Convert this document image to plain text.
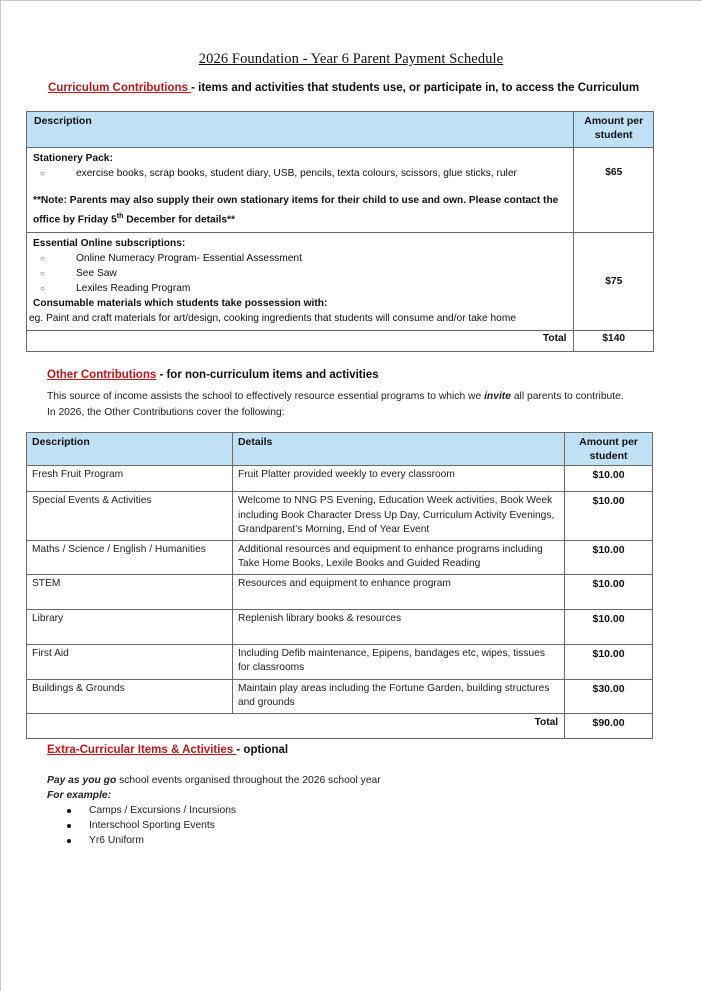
2026 Foundation - Year 6 Parent Payment Schedule
Curriculum Contributions - items and activities that students use, or participate in, to access the Curriculum
Description	Amount per student

Stationery Pack:
○ exercise books, scrap books, student diary, USB, pencils, texta colours, scissors, glue sticks, ruler
**Note: Parents may also supply their own stationary items for their child to use and own. Please contact the office by Friday 5th December for details**	$65

Essential Online subscriptions:
○	Online Numeracy Program- Essential Assessment
○	See Saw
○	Lexiles Reading Program
Consumable materials which students take possession with:
eg. Paint and craft materials for art/design, cooking ingredients that students will consume and/or take home
	$75
Total	$140
Other Contributions - for non-curriculum items and activities
This source of income assists the school to effectively resource essential programs to which we invite all parents to contribute.
In 2026, the Other Contributions cover the following:
Description	Details	Amount per student
Fresh Fruit Program	Fruit Platter provided weekly to every classroom	$10.00
Special Events & Activities	Welcome to NNG PS Evening, Education Week activities, Book Week including Book Character Dress Up Day, Curriculum Activity Evenings, Grandparent’s Morning, End of Year Event	$10.00
Maths / Science / English / Humanities	Additional resources and equipment to enhance programs including Take Home Books, Lexile Books and Guided Reading	$10.00
STEM	Resources and equipment to enhance program	$10.00
Library	Replenish library books & resources	$10.00
First Aid	Including Defib maintenance, Epipens, bandages etc, wipes, tissues for classrooms	$10.00
Buildings & Grounds	Maintain play areas including the Fortune Garden, building structures and grounds	$30.00
Total		$90.00
Extra-Curricular Items & Activities - optional
Pay as you go school events organised throughout the 2026 school year
For example:
Camps / Excursions / Incursions
Interschool Sporting Events
Yr6 Uniform
